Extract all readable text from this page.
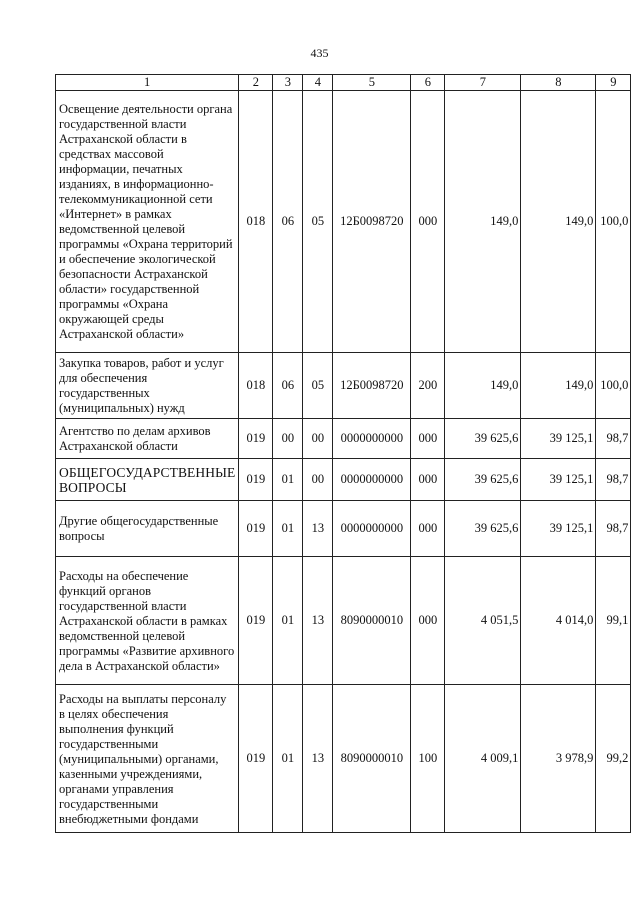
435
1	2	3	4	5	6	7	8	9
Освещение деятельности органа государственной власти Астраханской области в средствах массовой информации, печатных изданиях, в информационно-телекоммуникационной сети «Интернет» в рамках ведомственной целевой программы «Охрана территорий и обеспечение экологической безопасности Астраханской области» государственной программы «Охрана окружающей среды Астраханской области»	018	06	05	12Б0098720	000	149,0	149,0	100,0
Закупка товаров, работ и услуг для обеспечения государственных (муниципальных) нужд	018	06	05	12Б0098720	200	149,0	149,0	100,0
Агентство по делам архивов Астраханской области	019	00	00	0000000000	000	39 625,6	39 125,1	98,7
ОБЩЕГОСУДАРСТВЕННЫЕ ВОПРОСЫ	019	01	00	0000000000	000	39 625,6	39 125,1	98,7
Другие общегосударственные вопросы	019	01	13	0000000000	000	39 625,6	39 125,1	98,7
Расходы на обеспечение функций органов государственной власти Астраханской области в рамках ведомственной целевой программы «Развитие архивного дела в Астраханской области»	019	01	13	8090000010	000	4 051,5	4 014,0	99,1
Расходы на выплаты персоналу в целях обеспечения выполнения функций государственными (муниципальными) органами, казенными учреждениями, органами управления государственными внебюджетными фондами	019	01	13	8090000010	100	4 009,1	3 978,9	99,2
